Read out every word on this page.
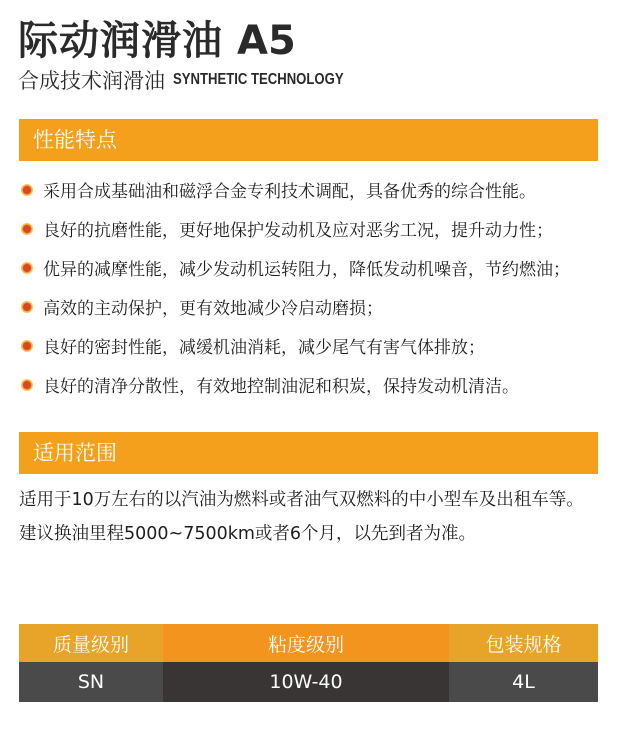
际动润滑油 A5
合成技术润滑油 SYNTHETIC TECHNOLOGY
性能特点
采用合成基础油和磁浮合金专利技术调配，具备优秀的综合性能。
良好的抗磨性能，更好地保护发动机及应对恶劣工况，提升动力性；
优异的减摩性能，减少发动机运转阻力，降低发动机噪音，节约燃油；
高效的主动保护，更有效地减少冷启动磨损；
良好的密封性能，减缓机油消耗，减少尾气有害气体排放；
良好的清净分散性，有效地控制油泥和积炭，保持发动机清洁。
适用范围

适用于10万左右的以汽油为燃料或者油气双燃料的中小型车及出租车等。

建议换油里程5000~7500km或者6个月，以先到者为准。

质量级别	粘度级别	包装规格
SN	10W-40	4L
